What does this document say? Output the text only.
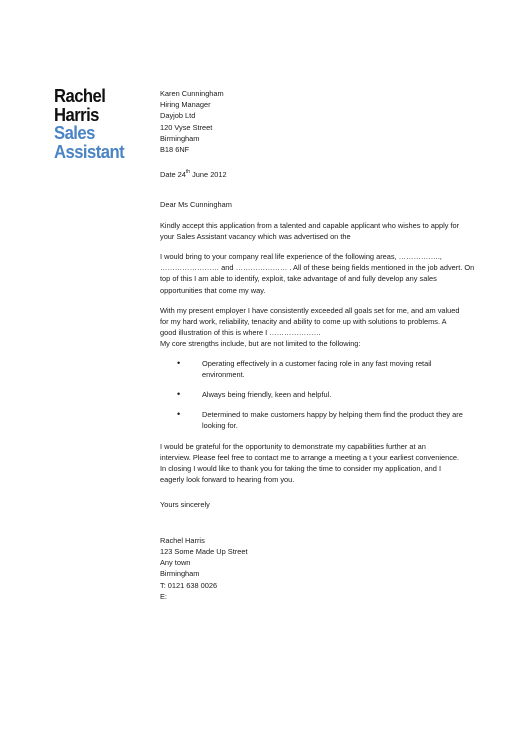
Rachel
Harris
Sales
Assistant
Karen Cunningham
Hiring Manager
Dayjob Ltd
120 Vyse Street
Birmingham
B18 6NF
Date 24th June 2012
Dear Ms Cunningham
Kindly accept this application from a talented and capable applicant who wishes to apply for
your Sales Assistant vacancy which was advertised on the
I would bring to your company real life experience of the following areas, ……………..,
…………………… and ………………… . All of these being fields mentioned in the job advert. On
top of this I am able to identify, exploit, take advantage of and fully develop any sales
opportunities that come my way.
With my present employer I have consistently exceeded all goals set for me, and am valued
for my hard work, reliability, tenacity and ability to come up with solutions to problems. A
good illustration of this is where I …………………
My core strengths include, but are not limited to the following:
•	Operating effectively in a customer facing role in any fast moving retail
environment.
•	Always being friendly, keen and helpful.
•	Determined to make customers happy by helping them find the product they are
looking for.
I would be grateful for the opportunity to demonstrate my capabilities further at an
interview. Please feel free to contact me to arrange a meeting a t your earliest convenience.
In closing I would like to thank you for taking the time to consider my application, and I
eagerly look forward to hearing from you.
Yours sincerely
Rachel Harris
123 Some Made Up Street
Any town
Birmingham
T: 0121 638 0026
E:
